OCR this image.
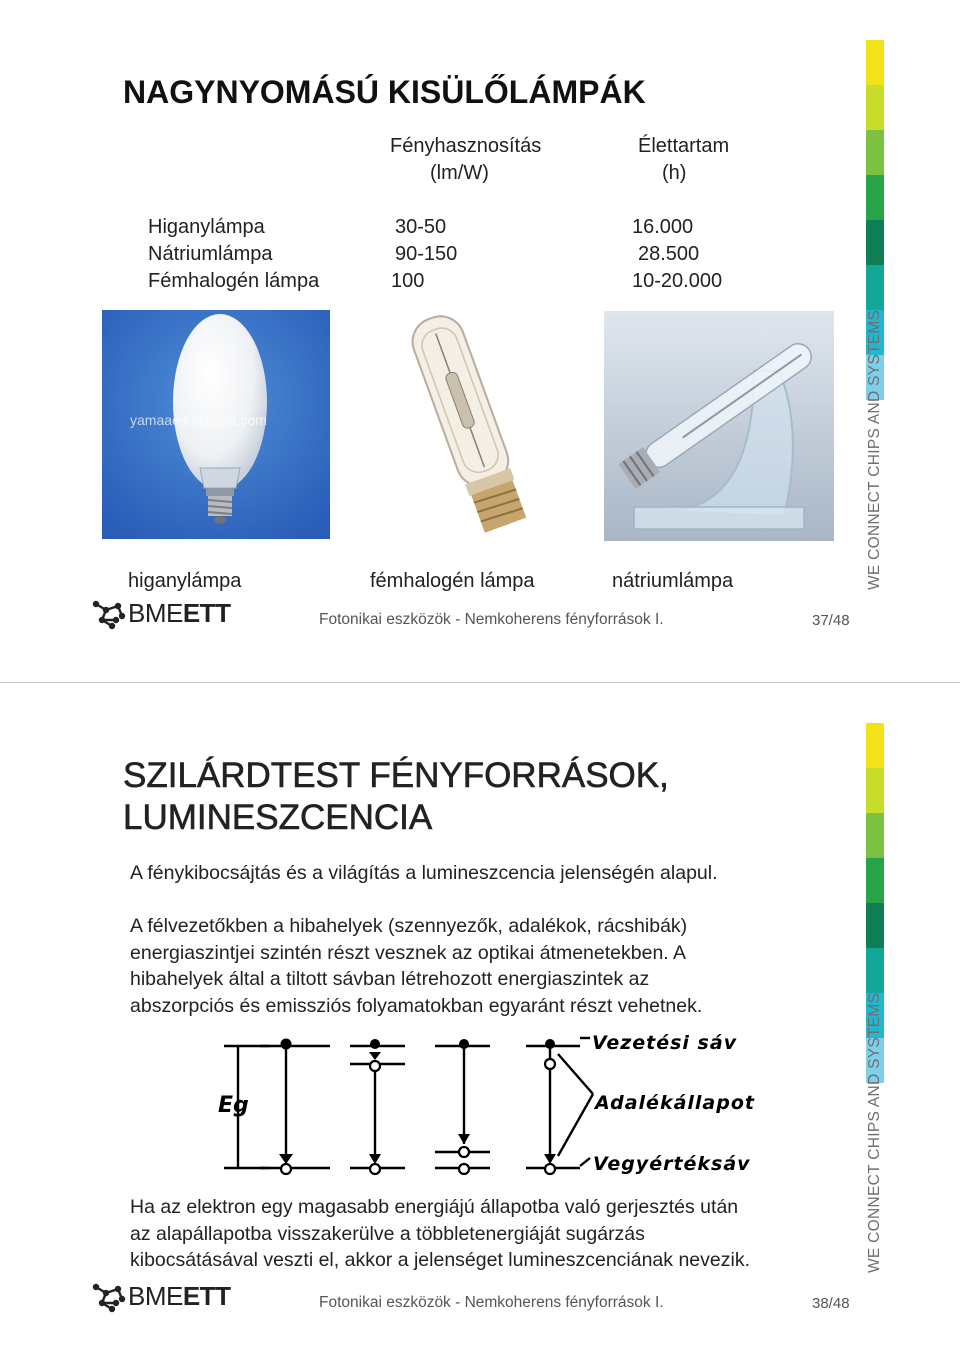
NAGYNYOMÁSÚ KISÜLŐLÁMPÁK
Fényhasznosítás
(lm/W)
Élettartam
(h)
Higanylámpa	30-50	16.000
Nátriumlámpa	90-150	28.500
Fémhalogén lámpa	100	10-20.000
yamaaen.alibaba.com
higanylámpa	fémhalogén lámpa	nátriumlámpa
BMEETT	Fotonikai eszközök - Nemkoherens fényforrások I.	37/48
WE CONNECT CHIPS AND SYSTEMS
SZILÁRDTEST FÉNYFORRÁSOK,
LUMINESZCENCIA
A fénykibocsájtás és a világítás a lumineszcencia jelenségén alapul.
A félvezetőkben a hibahelyek (szennyezők, adalékok, rácshibák)
energiaszintjei szintén részt vesznek az optikai átmenetekben. A
hibahelyek által a tiltott sávban létrehozott energiaszintek az
abszorpciós és emissziós folyamatokban egyaránt részt vehetnek.
Eg
Vezetési sáv
Adalékállapot
Vegyértéksáv
Ha az elektron egy magasabb energiájú állapotba való gerjesztés után
az alapállapotba visszakerülve a többletenergiáját sugárzás
kibocsátásával veszti el, akkor a jelenséget lumineszcenciának nevezik.
BMEETT	Fotonikai eszközök - Nemkoherens fényforrások I.	38/48
WE CONNECT CHIPS AND SYSTEMS
